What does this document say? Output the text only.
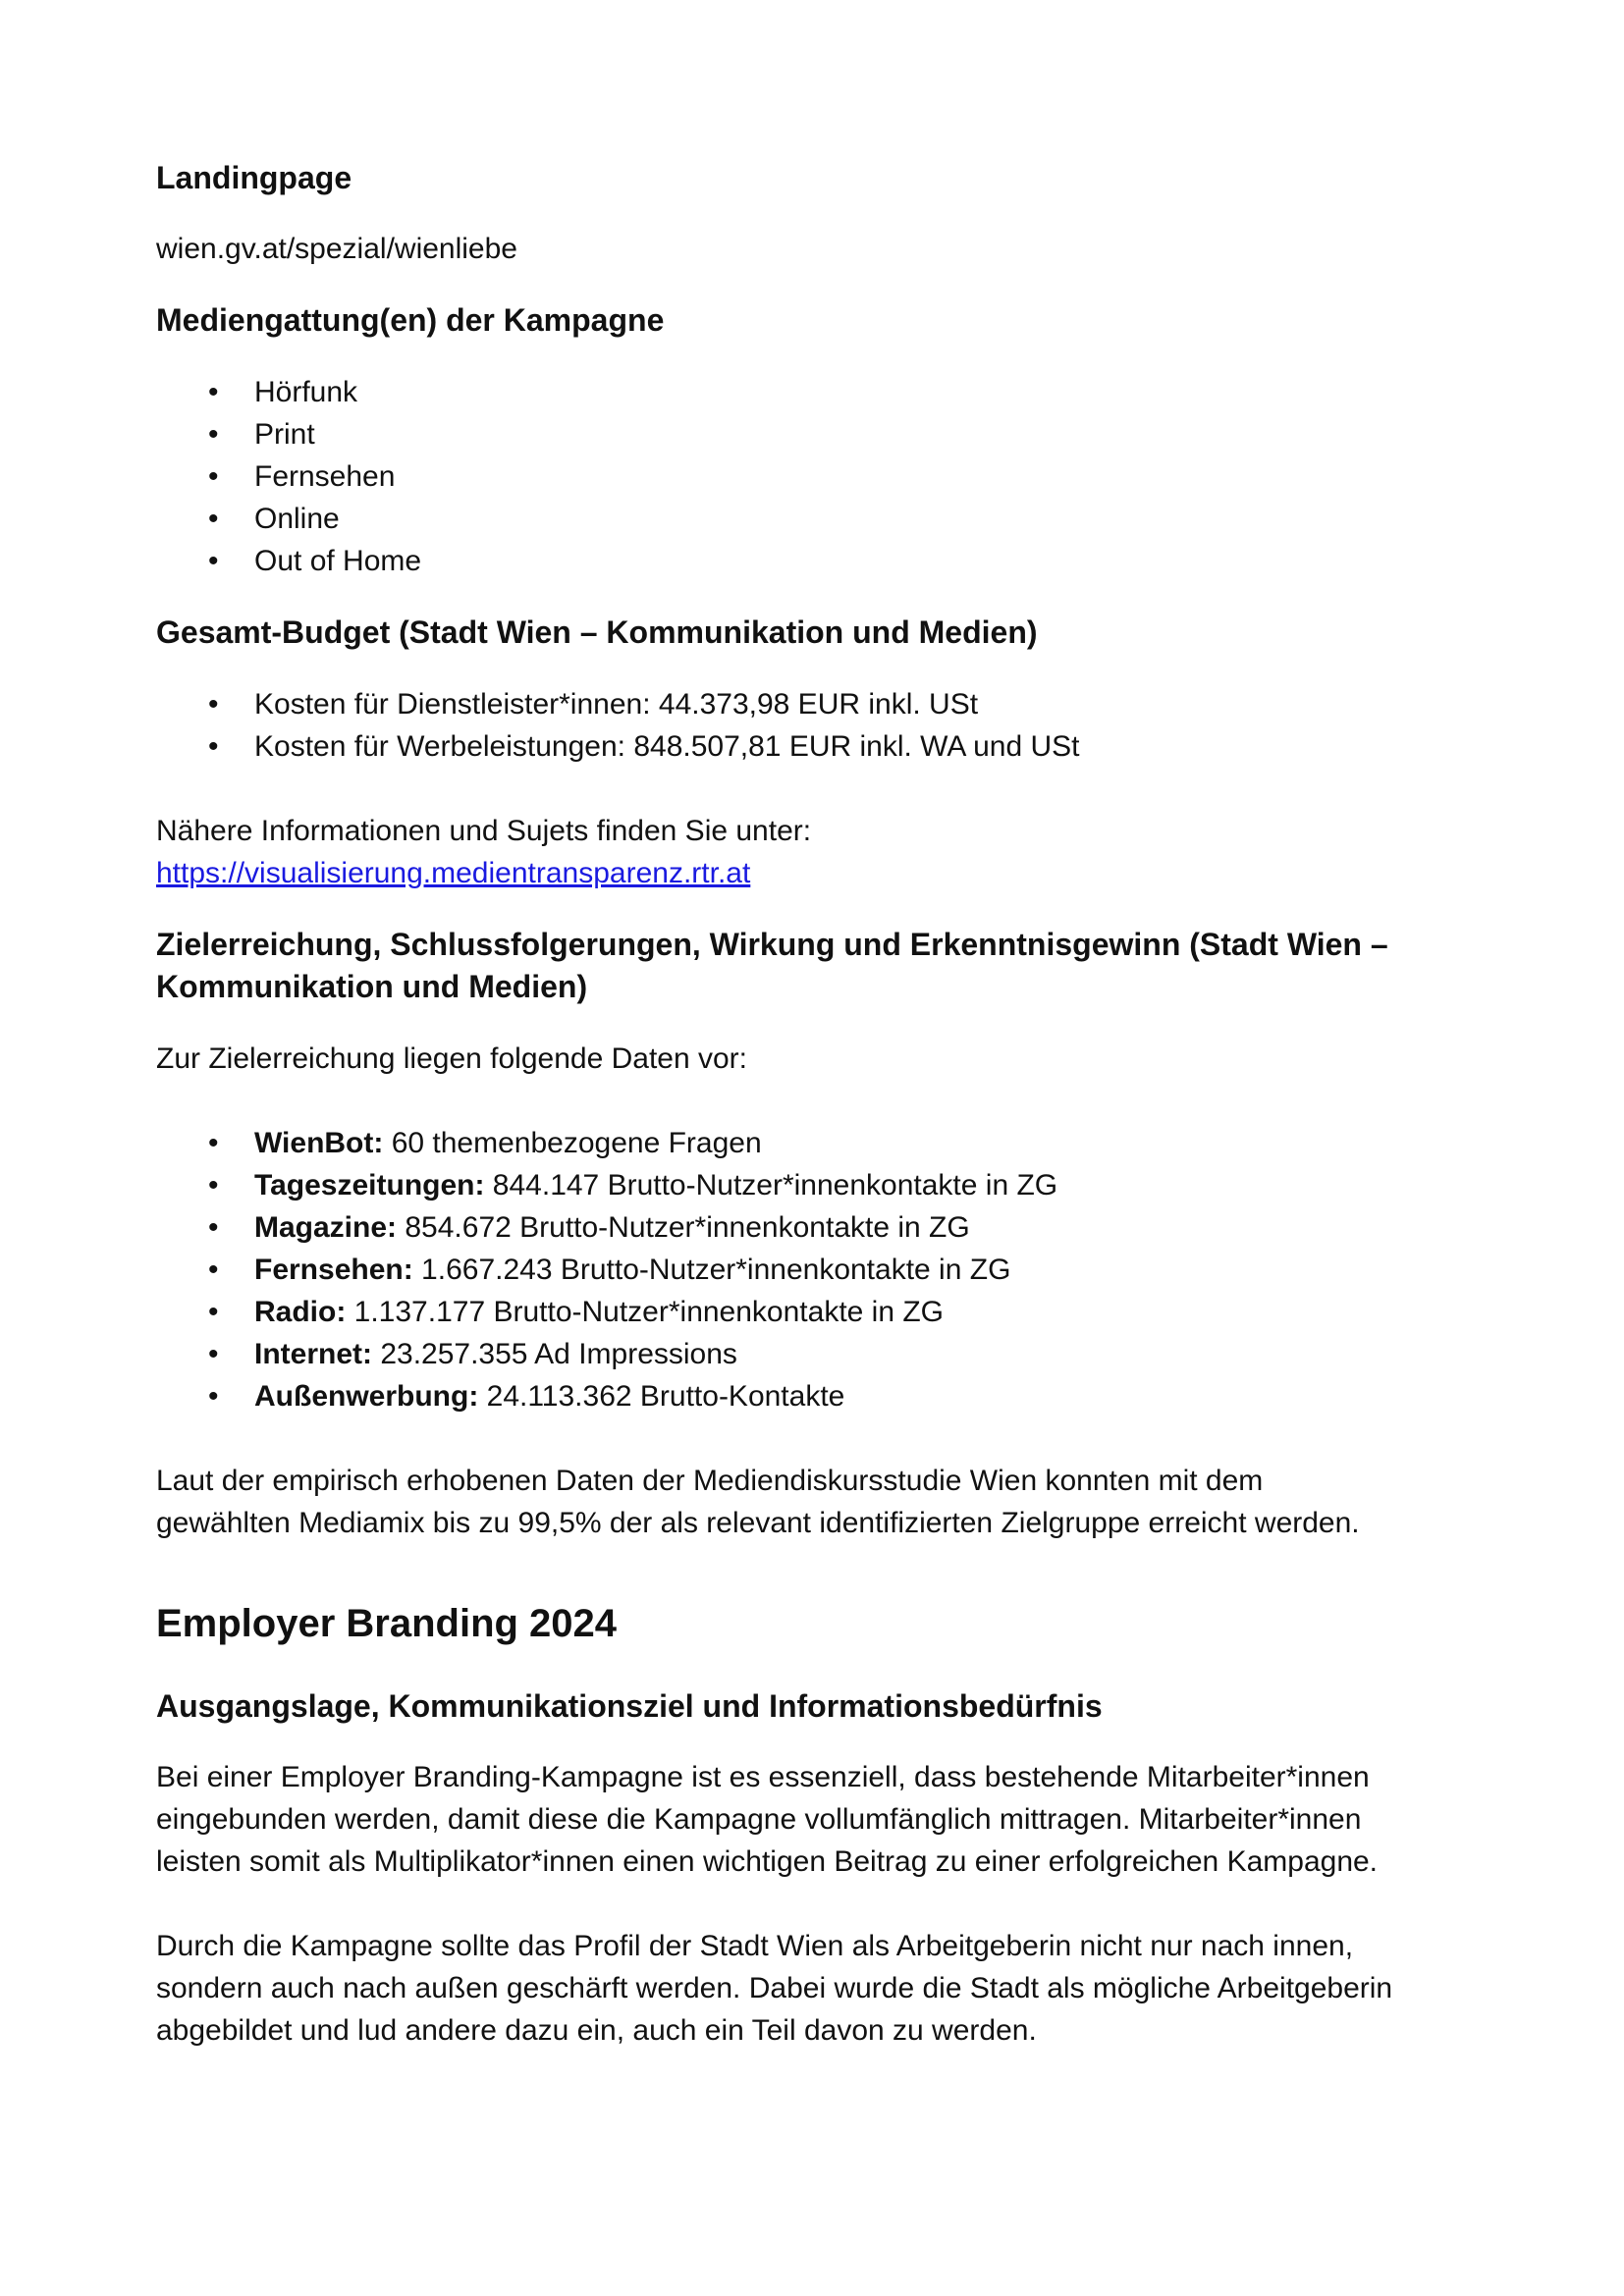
Landingpage

wien.gv.at/spezial/wienliebe

Mediengattung(en) der Kampagne
• Hörfunk
• Print
• Fernsehen
• Online
• Out of Home
Gesamt-Budget (Stadt Wien – Kommunikation und Medien)
• Kosten für Dienstleister*innen: 44.373,98 EUR inkl. USt
• Kosten für Werbeleistungen: 848.507,81 EUR inkl. WA und USt

Nähere Informationen und Sujets finden Sie unter:

https://visualisierung.medientransparenz.rtr.at

Zielerreichung, Schlussfolgerungen, Wirkung und Erkenntnisgewinn (Stadt Wien –
Kommunikation und Medien)

Zur Zielerreichung liegen folgende Daten vor:

• WienBot: 60 themenbezogene Fragen
• Tageszeitungen: 844.147 Brutto-Nutzer*innenkontakte in ZG
• Magazine: 854.672 Brutto-Nutzer*innenkontakte in ZG
• Fernsehen: 1.667.243 Brutto-Nutzer*innenkontakte in ZG
• Radio: 1.137.177 Brutto-Nutzer*innenkontakte in ZG
• Internet: 23.257.355 Ad Impressions
• Außenwerbung: 24.113.362 Brutto-Kontakte

Laut der empirisch erhobenen Daten der Mediendiskursstudie Wien konnten mit dem
gewählten Mediamix bis zu 99,5% der als relevant identifizierten Zielgruppe erreicht werden.

Employer Branding 2024
Ausgangslage, Kommunikationsziel und Informationsbedürfnis

Bei einer Employer Branding-Kampagne ist es essenziell, dass bestehende Mitarbeiter*innen
eingebunden werden, damit diese die Kampagne vollumfänglich mittragen. Mitarbeiter*innen
leisten somit als Multiplikator*innen einen wichtigen Beitrag zu einer erfolgreichen Kampagne.

Durch die Kampagne sollte das Profil der Stadt Wien als Arbeitgeberin nicht nur nach innen,
sondern auch nach außen geschärft werden. Dabei wurde die Stadt als mögliche Arbeitgeberin
abgebildet und lud andere dazu ein, auch ein Teil davon zu werden.
